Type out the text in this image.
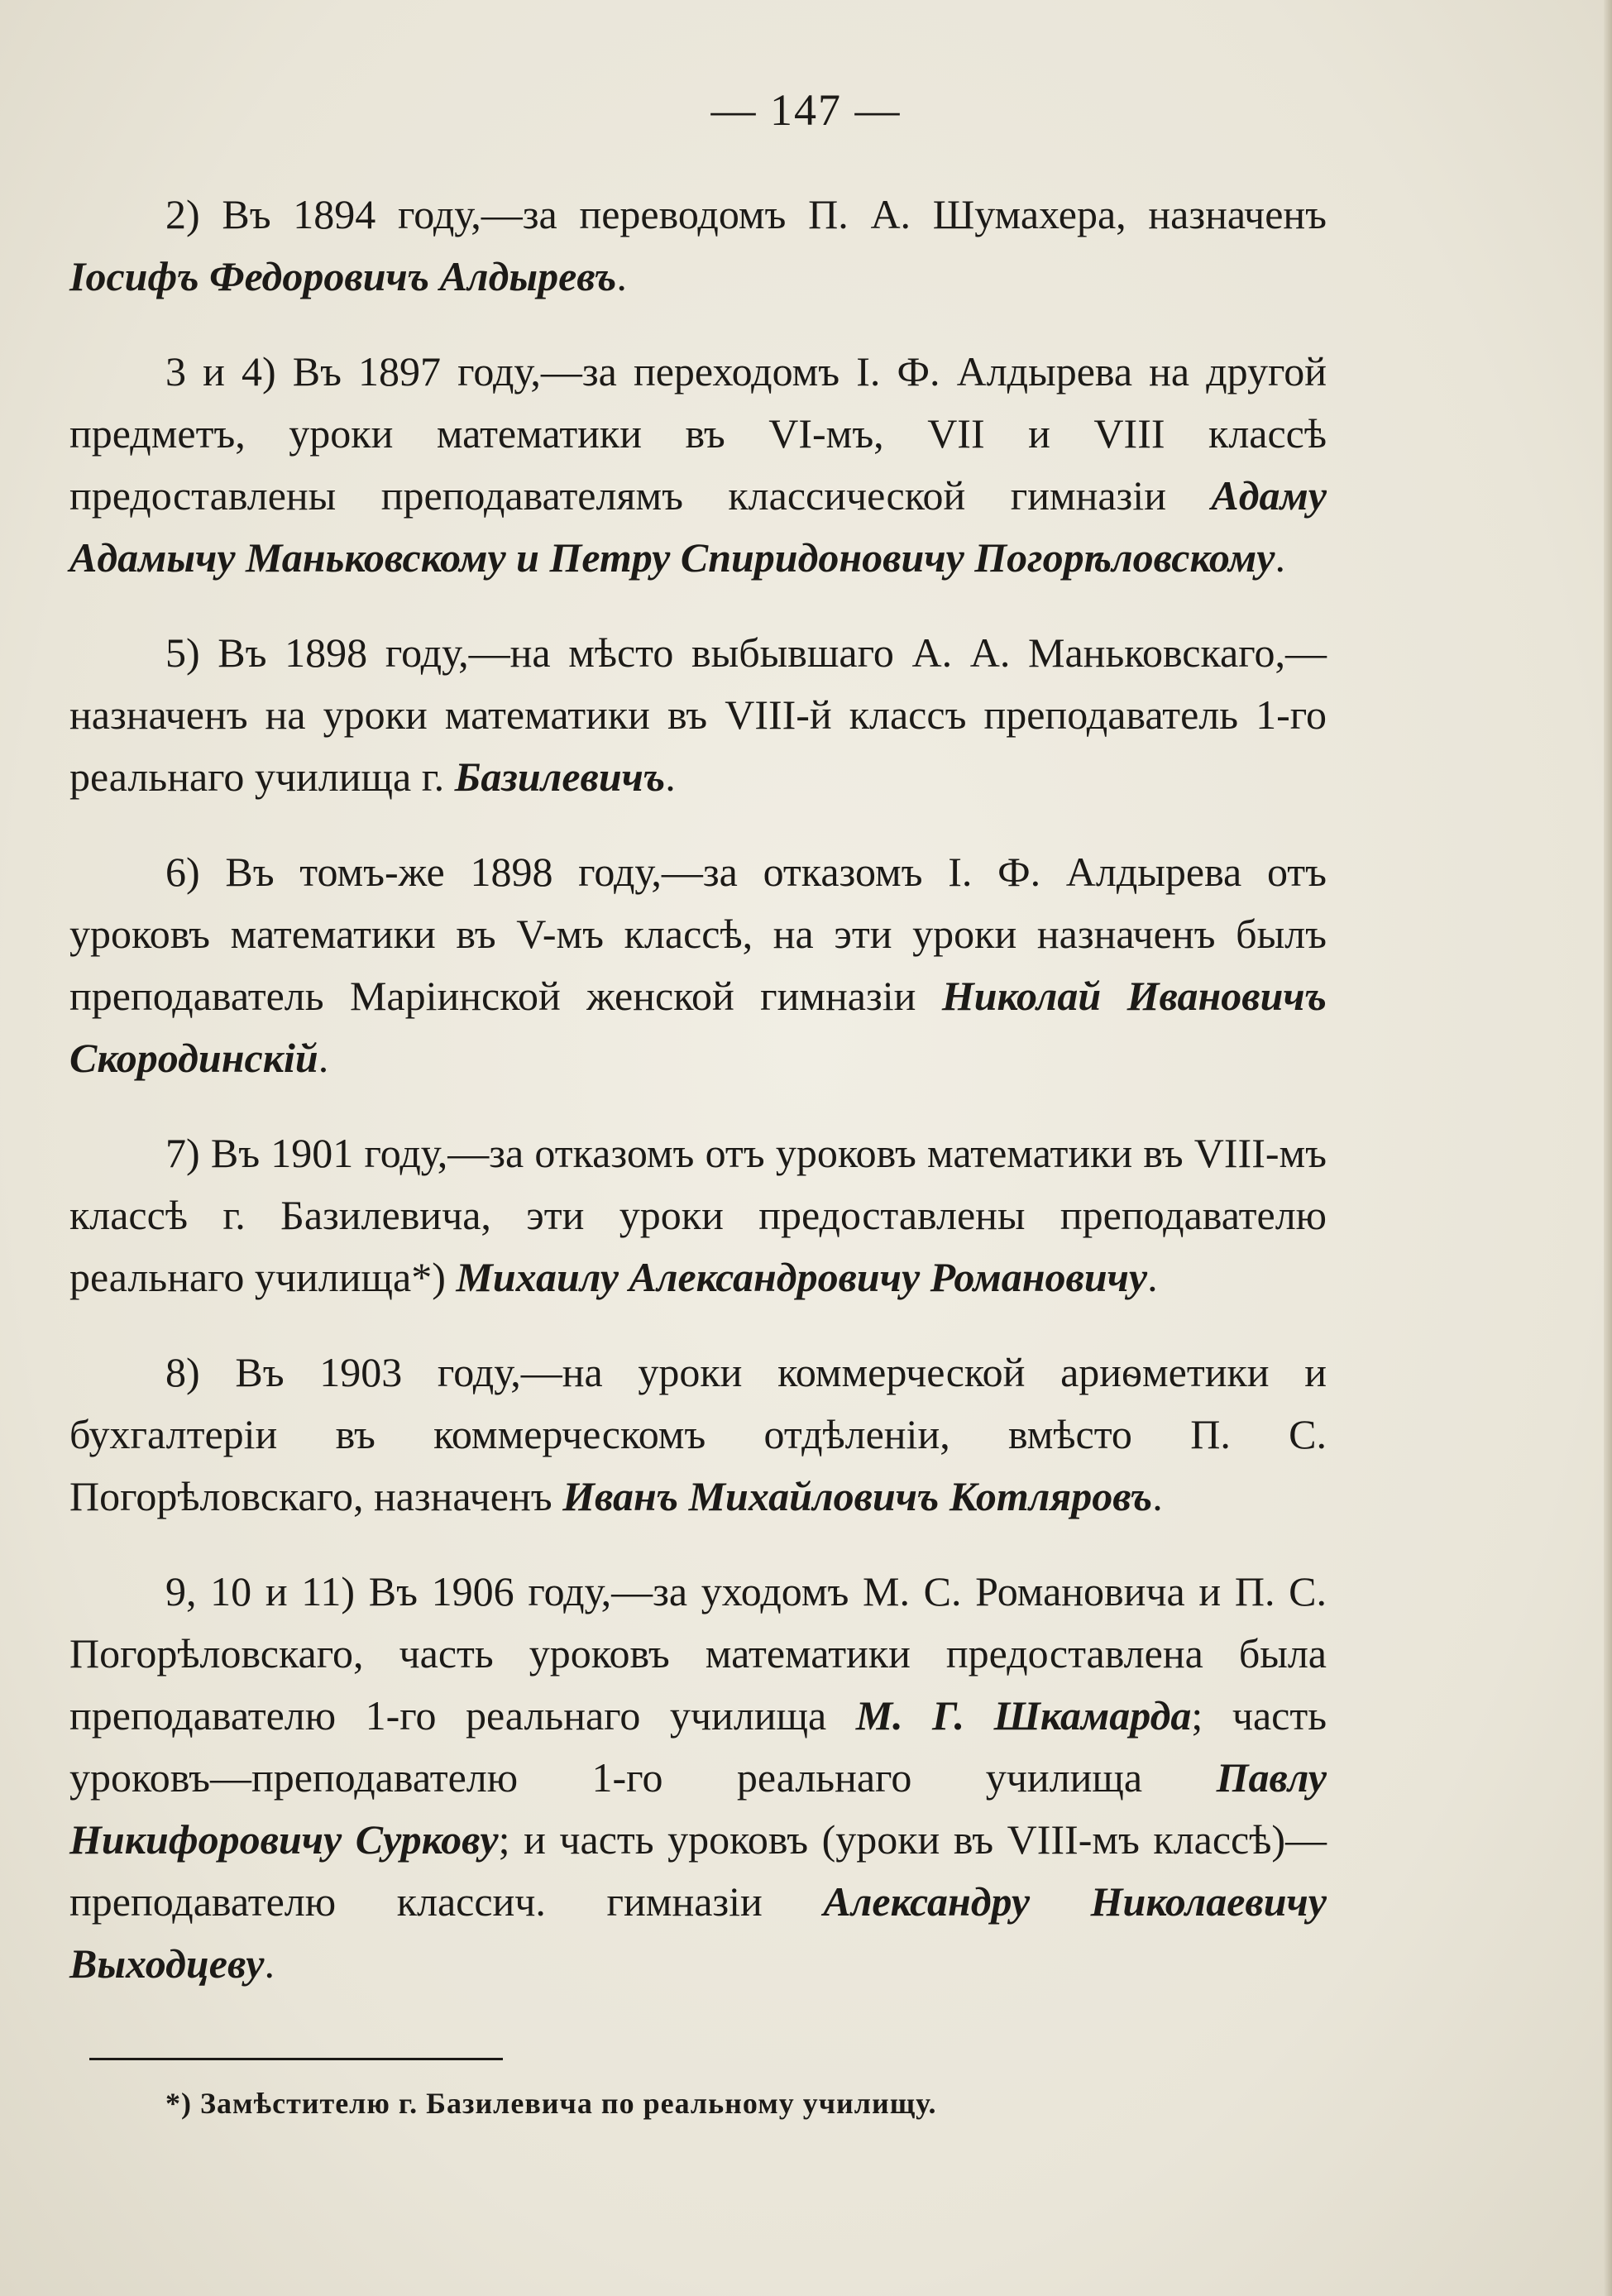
— 147 —

2) Въ 1894 году,—за переводомъ П. А. Шумахера, назначенъ Іосифъ Федоровичъ Алдыревъ.

3 и 4) Въ 1897 году,—за переходомъ І. Ф. Алдырева на другой предметъ, уроки математики въ VI-мъ, VII и VIII классѣ предоставлены преподавателямъ классической гимназіи Адаму Адамычу Маньковскому и Петру Спиридоновичу Погорѣловскому.

5) Въ 1898 году,—на мѣсто выбывшаго А. А. Маньковскаго,—назначенъ на уроки математики въ VIII-й классъ преподаватель 1-го реальнаго училища г. Базилевичъ.

6) Въ томъ-же 1898 году,—за отказомъ І. Ф. Алдырева отъ уроковъ математики въ V-мъ классѣ, на эти уроки назначенъ былъ преподаватель Маріинской женской гимназіи Николай Ивановичъ Скородинскій.

7) Въ 1901 году,—за отказомъ отъ уроковъ математики въ VIII-мъ классѣ г. Базилевича, эти уроки предоставлены преподавателю реальнаго училища*) Михаилу Александровичу Романовичу.

8) Въ 1903 году,—на уроки коммерческой ариѳметики и бухгалтеріи въ коммерческомъ отдѣленіи, вмѣсто П. С. Погорѣловскаго, назначенъ Иванъ Михайловичъ Котляровъ.

9, 10 и 11) Въ 1906 году,—за уходомъ М. С. Романовича и П. С. Погорѣловскаго, часть уроковъ математики предоставлена была преподавателю 1-го реальнаго училища М. Г. Шкамарда; часть уроковъ—преподавателю 1-го реальнаго училища Павлу Никифоровичу Суркову; и часть уроковъ (уроки въ VIII-мъ классѣ)—преподавателю классич. гимназіи Александру Николаевичу Выходцеву.

*) Замѣстителю г. Базилевича по реальному училищу.
